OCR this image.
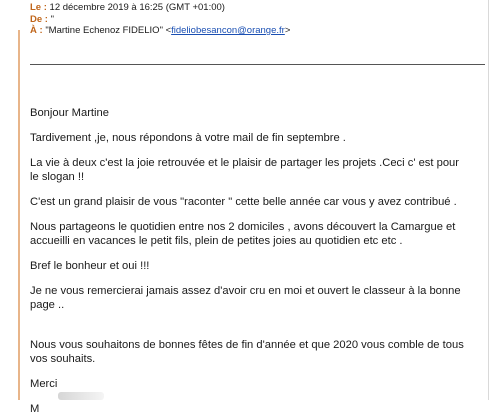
Le : 12 décembre 2019 à 16:25 (GMT +01:00)
De : "
À : "Martine Echenoz FIDELIO" <fideliobesancon@orange.fr>

Bonjour Martine

Tardivement ,je, nous répondons à votre mail de fin septembre .

La vie à deux c'est la joie retrouvée et le plaisir de partager les projets .Ceci c' est pour le slogan !!

C'est un grand plaisir de vous "raconter " cette belle année car vous y avez contribué .

Nous partageons le quotidien entre nos 2 domiciles , avons découvert la Camargue et accueilli en vacances le petit fils, plein de petites joies au quotidien etc etc .

Bref le bonheur et oui !!!

Je ne vous remercierai jamais assez d'avoir cru en moi et ouvert le classeur à la bonne page ..

Nous vous souhaitons de bonnes fêtes de fin d'année et que 2020 vous comble de tous vos souhaits.

Merci

M
